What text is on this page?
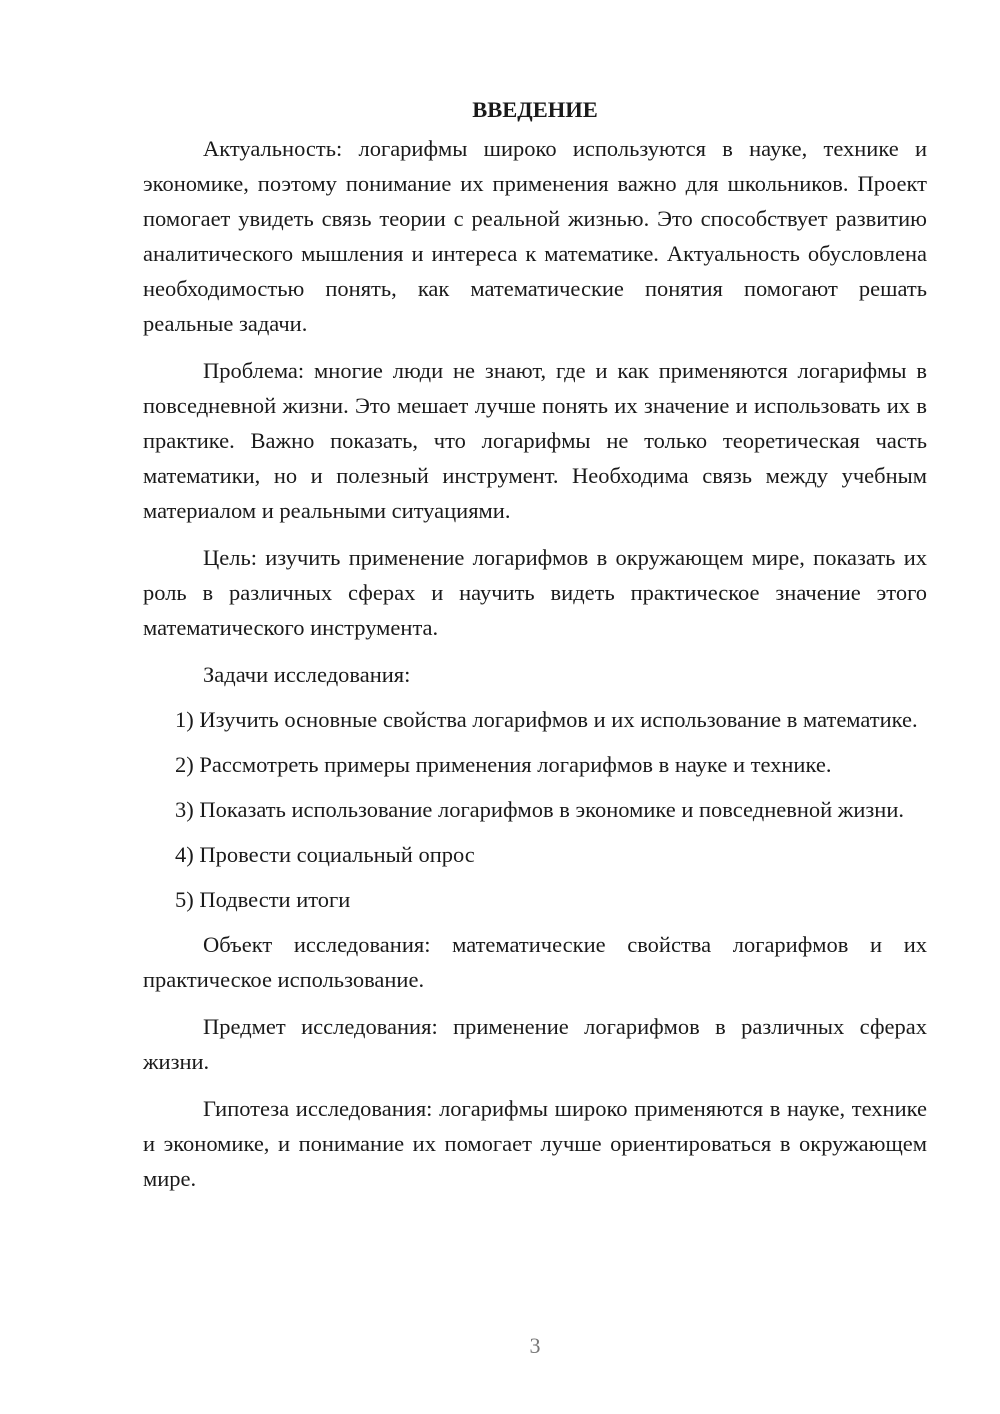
ВВЕДЕНИЕ

Актуальность: логарифмы широко используются в науке, технике и экономике, поэтому понимание их применения важно для школьников. Проект помогает увидеть связь теории с реальной жизнью. Это способствует развитию аналитического мышления и интереса к математике. Актуальность обусловлена необходимостью понять, как математические понятия помогают решать реальные задачи.

Проблема: многие люди не знают, где и как применяются логарифмы в повседневной жизни. Это мешает лучше понять их значение и использовать их в практике. Важно показать, что логарифмы не только теоретическая часть математики, но и полезный инструмент. Необходима связь между учебным материалом и реальными ситуациями.

Цель: изучить применение логарифмов в окружающем мире, показать их роль в различных сферах и научить видеть практическое значение этого математического инструмента.

Задачи исследования:

1) Изучить основные свойства логарифмов и их использование в математике.

2) Рассмотреть примеры применения логарифмов в науке и технике.

3) Показать использование логарифмов в экономике и повседневной жизни.

4) Провести социальный опрос

5) Подвести итоги

Объект исследования: математические свойства логарифмов и их практическое использование.

Предмет исследования: применение логарифмов в различных сферах жизни.

Гипотеза исследования: логарифмы широко применяются в науке, технике и экономике, и понимание их помогает лучше ориентироваться в окружающем мире.

3
